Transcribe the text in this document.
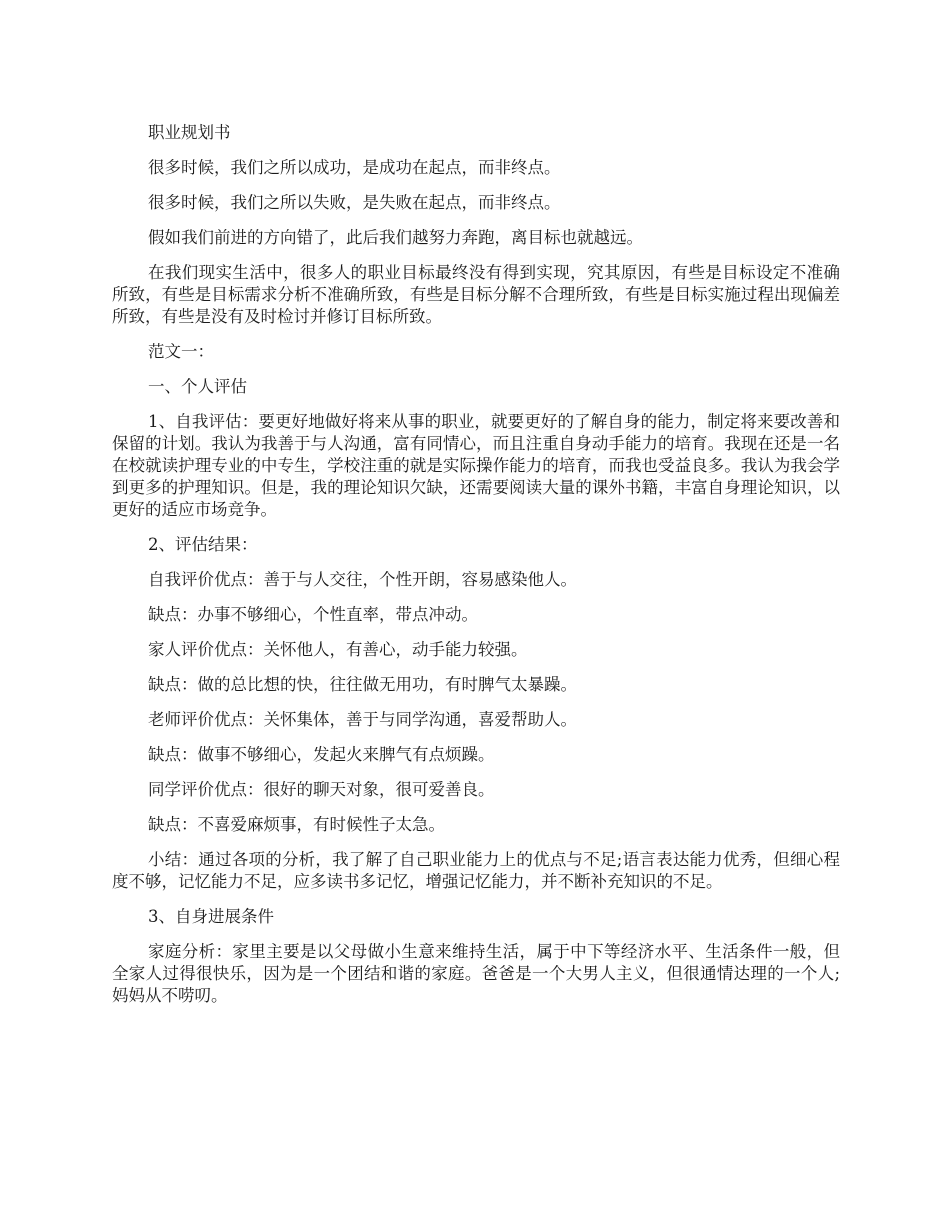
职业规划书

很多时候，我们之所以成功，是成功在起点，而非终点。

很多时候，我们之所以失败，是失败在起点，而非终点。

假如我们前进的方向错了，此后我们越努力奔跑，离目标也就越远。

在我们现实生活中，很多人的职业目标最终没有得到实现，究其原因，有些是目标设定不准确所致，有些是目标需求分析不准确所致，有些是目标分解不合理所致，有些是目标实施过程出现偏差所致，有些是没有及时检讨并修订目标所致。

范文一：

一、个人评估

1、自我评估：要更好地做好将来从事的职业，就要更好的了解自身的能力，制定将来要改善和保留的计划。我认为我善于与人沟通，富有同情心，而且注重自身动手能力的培育。我现在还是一名在校就读护理专业的中专生，学校注重的就是实际操作能力的培育，而我也受益良多。我认为我会学到更多的护理知识。但是，我的理论知识欠缺，还需要阅读大量的课外书籍，丰富自身理论知识，以更好的适应市场竞争。

2、评估结果：

自我评价优点：善于与人交往，个性开朗，容易感染他人。

缺点：办事不够细心，个性直率，带点冲动。

家人评价优点：关怀他人，有善心，动手能力较强。

缺点：做的总比想的快，往往做无用功，有时脾气太暴躁。

老师评价优点：关怀集体，善于与同学沟通，喜爱帮助人。

缺点：做事不够细心，发起火来脾气有点烦躁。

同学评价优点：很好的聊天对象，很可爱善良。

缺点：不喜爱麻烦事，有时候性子太急。

小结：通过各项的分析，我了解了自己职业能力上的优点与不足;语言表达能力优秀，但细心程度不够，记忆能力不足，应多读书多记忆，增强记忆能力，并不断补充知识的不足。

3、自身进展条件

家庭分析：家里主要是以父母做小生意来维持生活，属于中下等经济水平、生活条件一般，但全家人过得很快乐，因为是一个团结和谐的家庭。爸爸是一个大男人主义，但很通情达理的一个人;妈妈从不唠叨。
